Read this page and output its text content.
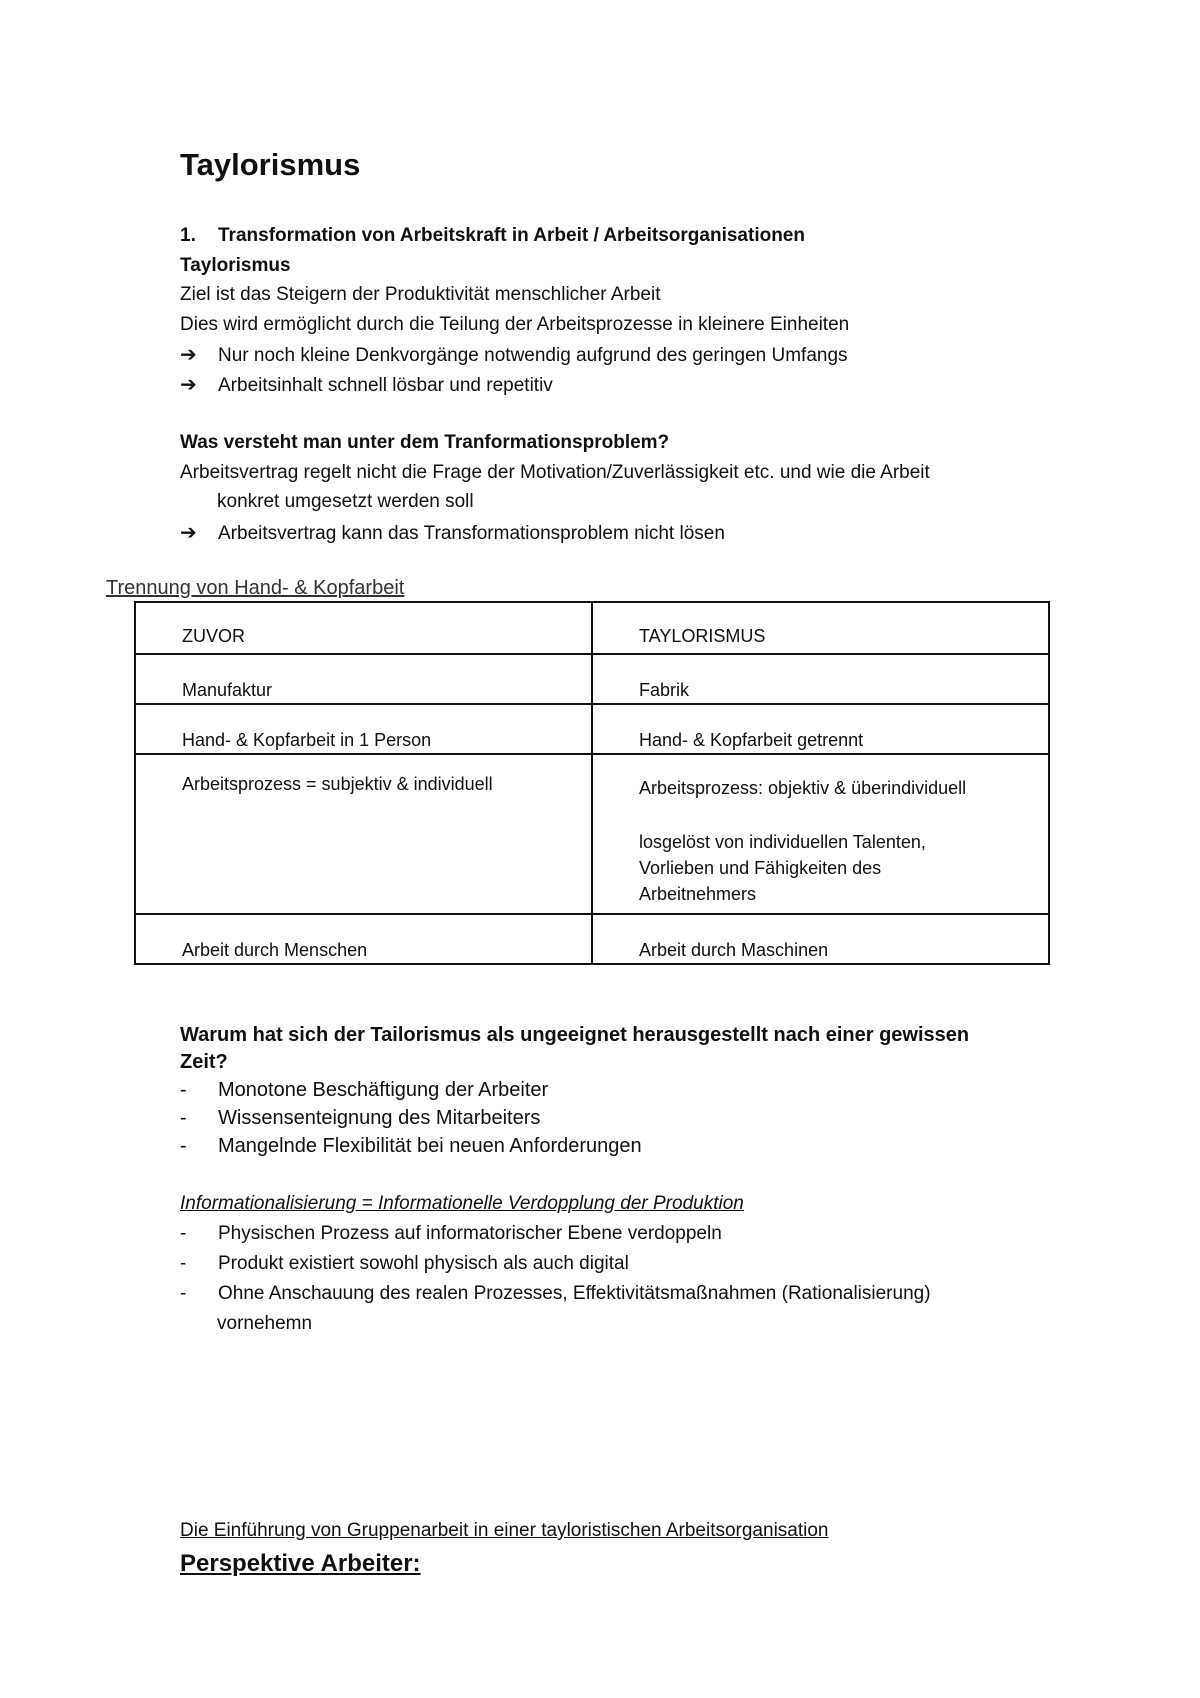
Taylorismus
1. Transformation von Arbeitskraft in Arbeit / Arbeitsorganisationen
Taylorismus
Ziel ist das Steigern der Produktivität menschlicher Arbeit
Dies wird ermöglicht durch die Teilung der Arbeitsprozesse in kleinere Einheiten
➔ Nur noch kleine Denkvorgänge notwendig aufgrund des geringen Umfangs
➔ Arbeitsinhalt schnell lösbar und repetitiv
Was versteht man unter dem Tranformationsproblem?
Arbeitsvertrag regelt nicht die Frage der Motivation/Zuverlässigkeit etc. und wie die Arbeit
konkret umgesetzt werden soll
➔ Arbeitsvertrag kann das Transformationsproblem nicht lösen
Trennung von Hand- & Kopfarbeit
ZUVOR	TAYLORISMUS
Manufaktur	Fabrik
Hand- & Kopfarbeit in 1 Person	Hand- & Kopfarbeit getrennt
Arbeitsprozess = subjektiv & individuell	Arbeitsprozess: objektiv & überindividuell
losgelöst von individuellen Talenten,
Vorlieben und Fähigkeiten des
Arbeitnehmers

Arbeit durch Menschen	Arbeit durch Maschinen
Warum hat sich der Tailorismus als ungeeignet herausgestellt nach einer gewissen
Zeit?
- Monotone Beschäftigung der Arbeiter
- Wissensenteignung des Mitarbeiters
- Mangelnde Flexibilität bei neuen Anforderungen
Informationalisierung = Informationelle Verdopplung der Produktion
- Physischen Prozess auf informatorischer Ebene verdoppeln
- Produkt existiert sowohl physisch als auch digital
- Ohne Anschauung des realen Prozesses, Effektivitätsmaßnahmen (Rationalisierung)
vornehemn
Die Einführung von Gruppenarbeit in einer tayloristischen Arbeitsorganisation
Perspektive Arbeiter:
